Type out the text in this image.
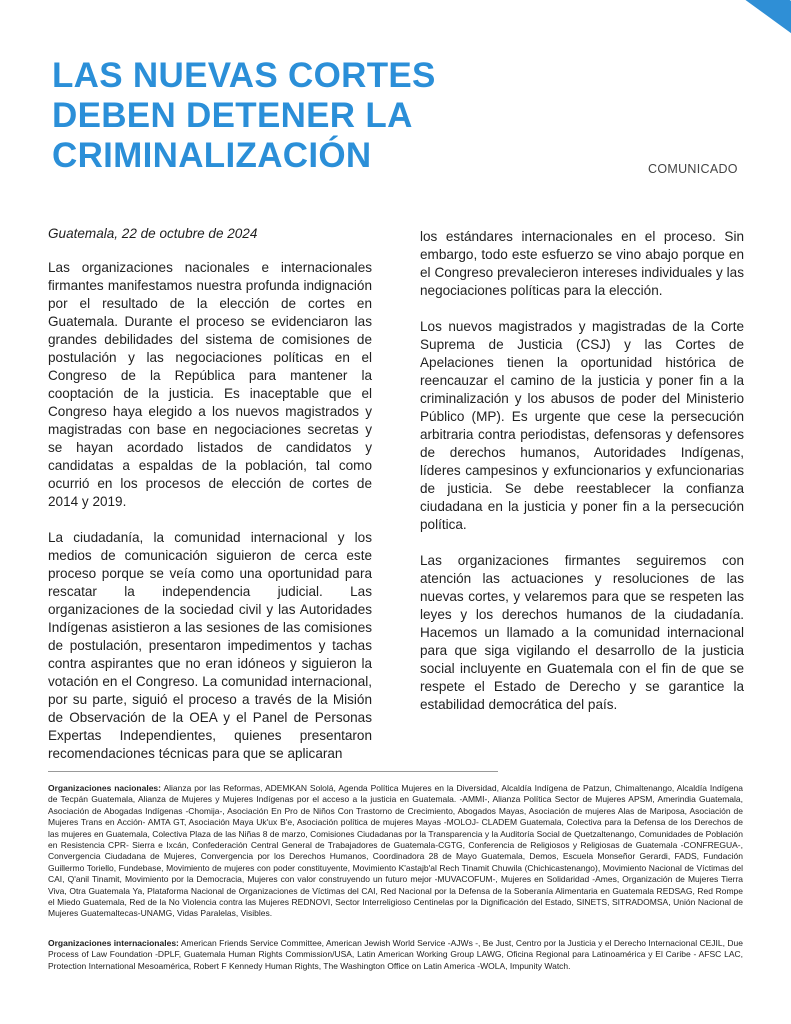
LAS NUEVAS CORTES
DEBEN DETENER LA
CRIMINALIZACIÓN	COMUNICADO

Guatemala, 22 de octubre de 2024

Las organizaciones nacionales e internacionales firmantes manifestamos nuestra profunda indignación por el resultado de la elección de cortes en Guatemala. Durante el proceso se evidenciaron las grandes debilidades del sistema de comisiones de postulación y las negociaciones políticas en el Congreso de la República para mantener la cooptación de la justicia. Es inaceptable que el Congreso haya elegido a los nuevos magistrados y magistradas con base en negociaciones secretas y se hayan acordado listados de candidatos y candidatas a espaldas de la población, tal como ocurrió en los procesos de elección de cortes de 2014 y 2019.

La ciudadanía, la comunidad internacional y los medios de comunicación siguieron de cerca este proceso porque se veía como una oportunidad para rescatar la independencia judicial. Las organizaciones de la sociedad civil y las Autoridades Indígenas asistieron a las sesiones de las comisiones de postulación, presentaron impedimentos y tachas contra aspirantes que no eran idóneos y siguieron la votación en el Congreso. La comunidad internacional, por su parte, siguió el proceso a través de la Misión de Observación de la OEA y el Panel de Personas Expertas Independientes, quienes presentaron recomendaciones técnicas para que se aplicaran

los estándares internacionales en el proceso. Sin embargo, todo este esfuerzo se vino abajo porque en el Congreso prevalecieron intereses individuales y las negociaciones políticas para la elección.

Los nuevos magistrados y magistradas de la Corte Suprema de Justicia (CSJ) y las Cortes de Apelaciones tienen la oportunidad histórica de reencauzar el camino de la justicia y poner fin a la criminalización y los abusos de poder del Ministerio Público (MP). Es urgente que cese la persecución arbitraria contra periodistas, defensoras y defensores de derechos humanos, Autoridades Indígenas, líderes campesinos y exfuncionarios y exfuncionarias de justicia. Se debe reestablecer la confianza ciudadana en la justicia y poner fin a la persecución política.

Las organizaciones firmantes seguiremos con atención las actuaciones y resoluciones de las nuevas cortes, y velaremos para que se respeten las leyes y los derechos humanos de la ciudadanía. Hacemos un llamado a la comunidad internacional para que siga vigilando el desarrollo de la justicia social incluyente en Guatemala con el fin de que se respete el Estado de Derecho y se garantice la estabilidad democrática del país.

Organizaciones nacionales: Alianza por las Reformas, ADEMKAN Sololá, Agenda Política Mujeres en la Diversidad, Alcaldía Indígena de Patzun, Chimaltenango, Alcaldía Indígena de Tecpán Guatemala, Alianza de Mujeres y Mujeres Indígenas por el acceso a la justicia en Guatemala. -AMMI-, Alianza Política Sector de Mujeres APSM, Amerindia Guatemala, Asociación de Abogadas Indígenas -Chomija-, Asociación En Pro de Niños Con Trastorno de Crecimiento, Abogados Mayas, Asociación de mujeres Alas de Mariposa, Asociación de Mujeres Trans en Acción- AMTA GT, Asociación Maya Uk'ux B'e, Asociación política de mujeres Mayas -MOLOJ- CLADEM Guatemala, Colectiva para la Defensa de los Derechos de las mujeres en Guatemala, Colectiva Plaza de las Niñas 8 de marzo, Comisiones Ciudadanas por la Transparencia y la Auditoría Social de Quetzaltenango, Comunidades de Población en Resistencia CPR- Sierra e Ixcán, Confederación Central General de Trabajadores de Guatemala-CGTG, Conferencia de Religiosos y Religiosas de Guatemala -CONFREGUA-, Convergencia Ciudadana de Mujeres, Convergencia por los Derechos Humanos, Coordinadora 28 de Mayo Guatemala, Demos, Escuela Monseñor Gerardi, FADS, Fundación Guillermo Toriello, Fundebase, Movimiento de mujeres con poder constituyente, Movimiento K'astajb'al Rech Tinamit Chuwila (Chichicastenango), Movimiento Nacional de Víctimas del CAI, Q'anil Tinamit, Movimiento por la Democracia, Mujeres con valor construyendo un futuro mejor -MUVACOFUM-, Mujeres en Solidaridad -Ames, Organización de Mujeres Tierra Viva, Otra Guatemala Ya, Plataforma Nacional de Organizaciones de Víctimas del CAI, Red Nacional por la Defensa de la Soberanía Alimentaria en Guatemala REDSAG, Red Rompe el Miedo Guatemala, Red de la No Violencia contra las Mujeres REDNOVI, Sector Interreligioso Centinelas por la Dignificación del Estado, SINETS, SITRADOMSA, Unión Nacional de Mujeres Guatemaltecas-UNAMG, Vidas Paralelas, Visibles.

Organizaciones internacionales: American Friends Service Committee, American Jewish World Service -AJWs -, Be Just, Centro por la Justicia y el Derecho Internacional CEJIL, Due Process of Law Foundation -DPLF, Guatemala Human Rights Commission/USA, Latin American Working Group LAWG, Oficina Regional para Latinoamérica y El Caribe - AFSC LAC, Protection International Mesoamérica, Robert F Kennedy Human Rights, The Washington Office on Latin America -WOLA, Impunity Watch.
